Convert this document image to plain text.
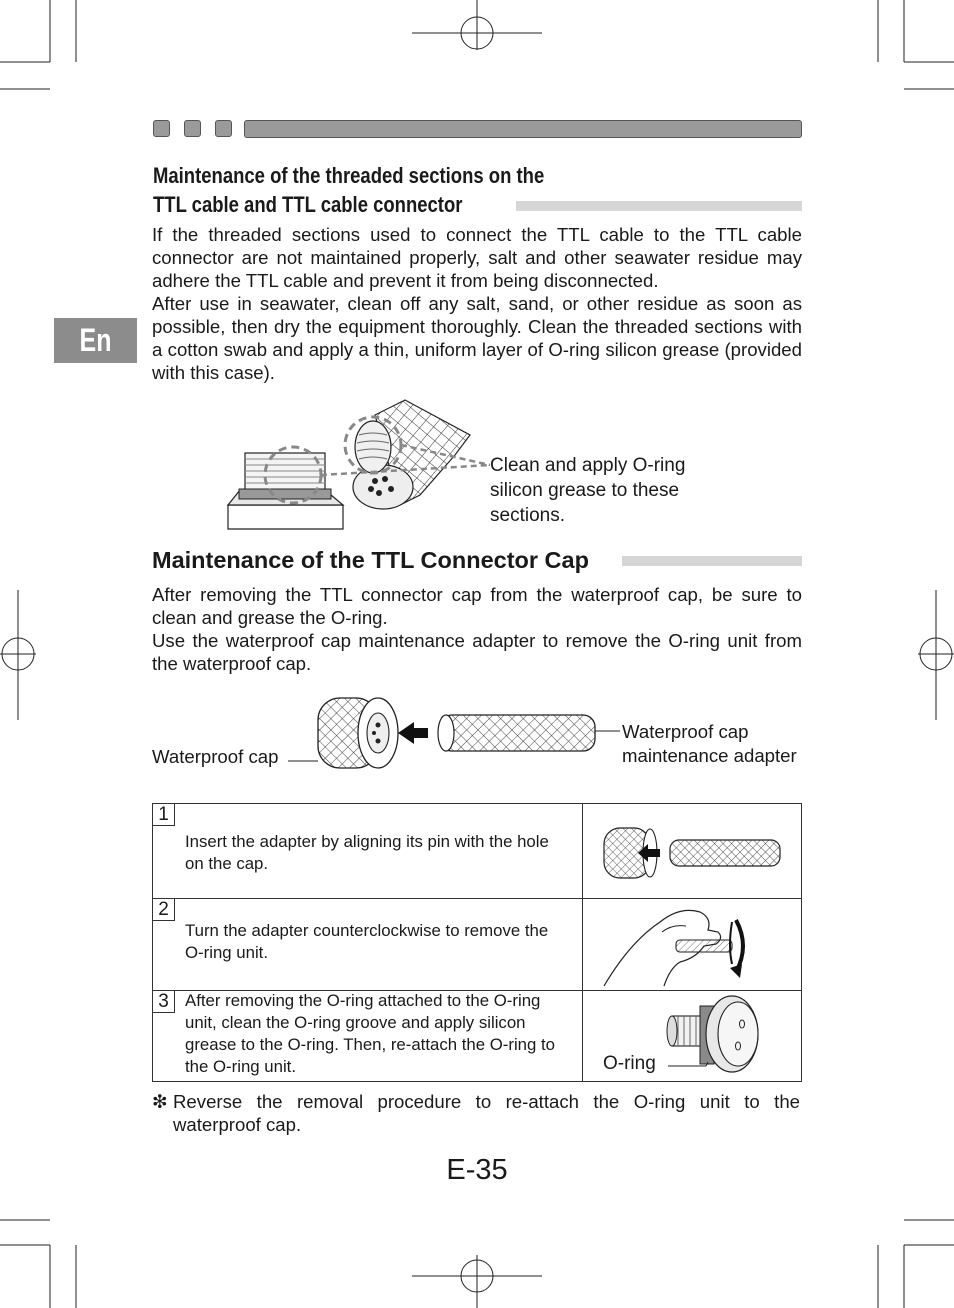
En
Maintenance of the threaded sections on the
TTL cable and TTL cable connector

If the threaded sections used to connect the TTL cable to the TTL cable connector are not maintained properly, salt and other seawater residue may adhere the TTL cable and prevent it from being disconnected.

After use in seawater, clean off any salt, sand, or other residue as soon as possible, then dry the equipment thoroughly. Clean the threaded sections with a cotton swab and apply a thin, uniform layer of O-ring silicon grease (provided with this case).

Clean and apply O-ring
silicon grease to these
sections.
Maintenance of the TTL Connector Cap

After removing the TTL connector cap from the waterproof cap, be sure to clean and grease the O-ring.

Use the waterproof cap maintenance adapter to remove the O-ring unit from the waterproof cap.

Waterproof cap
Waterproof cap
maintenance adapter
1
Insert the adapter by aligning its pin with the hole on the cap.
2
Turn the adapter counterclockwise to remove the O-ring unit.
3 After removing the O-ring attached to the O-ring unit, clean the O-ring groove and apply silicon grease to the O-ring. Then, re-attach the O-ring to the O-ring unit.	O-ring
❇ Reverse the removal procedure to re-attach the O-ring unit to the waterproof cap.
E-35
